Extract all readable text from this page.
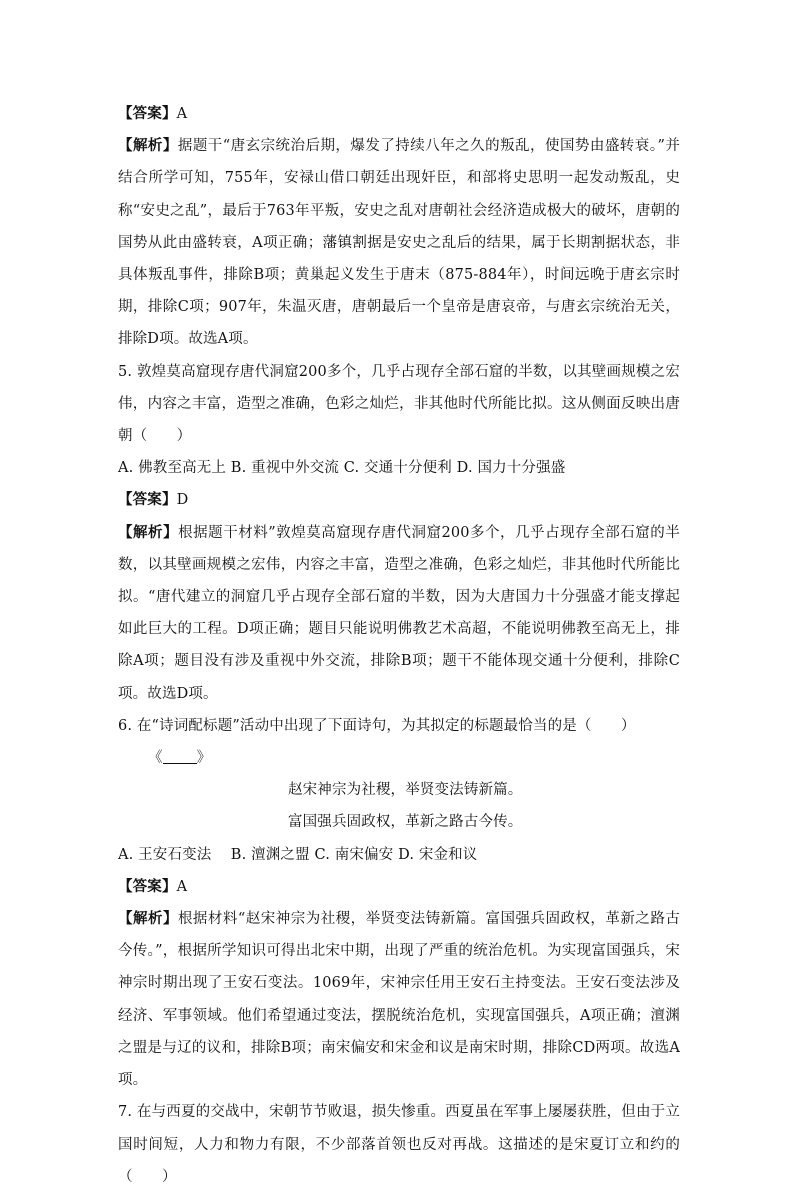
【答案】A

【解析】据题干“唐玄宗统治后期，爆发了持续八年之久的叛乱，使国势由盛转衰。”并结合所学可知，755年，安禄山借口朝廷出现奸臣，和部将史思明一起发动叛乱，史称“安史之乱”，最后于763年平叛，安史之乱对唐朝社会经济造成极大的破坏，唐朝的国势从此由盛转衰，A项正确；藩镇割据是安史之乱后的结果，属于长期割据状态，非具体叛乱事件，排除B项；黄巢起义发生于唐末（875-884年），时间远晚于唐玄宗时期，排除C项；907年，朱温灭唐，唐朝最后一个皇帝是唐哀帝，与唐玄宗统治无关，排除D项。故选A项。

5. 敦煌莫高窟现存唐代洞窟200多个，几乎占现存全部石窟的半数，以其壁画规模之宏伟，内容之丰富，造型之准确，色彩之灿烂，非其他时代所能比拟。这从侧面反映出唐朝（　　）

A. 佛教至高无上 B. 重视中外交流 C. 交通十分便利 D. 国力十分强盛

【答案】D

【解析】根据题干材料”敦煌莫高窟现存唐代洞窟200多个，几乎占现存全部石窟的半数，以其壁画规模之宏伟，内容之丰富，造型之准确，色彩之灿烂，非其他时代所能比拟。“唐代建立的洞窟几乎占现存全部石窟的半数，因为大唐国力十分强盛才能支撑起如此巨大的工程。D项正确；题目只能说明佛教艺术高超，不能说明佛教至高无上，排除A项；题目没有涉及重视中外交流，排除B项；题干不能体现交通十分便利，排除C项。故选D项。

6. 在“诗词配标题”活动中出现了下面诗句，为其拟定的标题最恰当的是（　　）

《 》

赵宋神宗为社稷，举贤变法铸新篇。

富国强兵固政权，革新之路古今传。

A. 王安石变法　 B. 澶渊之盟 C. 南宋偏安 D. 宋金和议

【答案】A

【解析】根据材料“赵宋神宗为社稷，举贤变法铸新篇。富国强兵固政权，革新之路古今传。”，根据所学知识可得出北宋中期，出现了严重的统治危机。为实现富国强兵，宋神宗时期出现了王安石变法。1069年，宋神宗任用王安石主持变法。王安石变法涉及经济、军事领域。他们希望通过变法，摆脱统治危机，实现富国强兵，A项正确；澶渊之盟是与辽的议和，排除B项；南宋偏安和宋金和议是南宋时期，排除CD两项。故选A项。

7. 在与西夏的交战中，宋朝节节败退，损失惨重。西夏虽在军事上屡屡获胜，但由于立国时间短，人力和物力有限，不少部落首领也反对再战。这描述的是宋夏订立和约的（　　）
